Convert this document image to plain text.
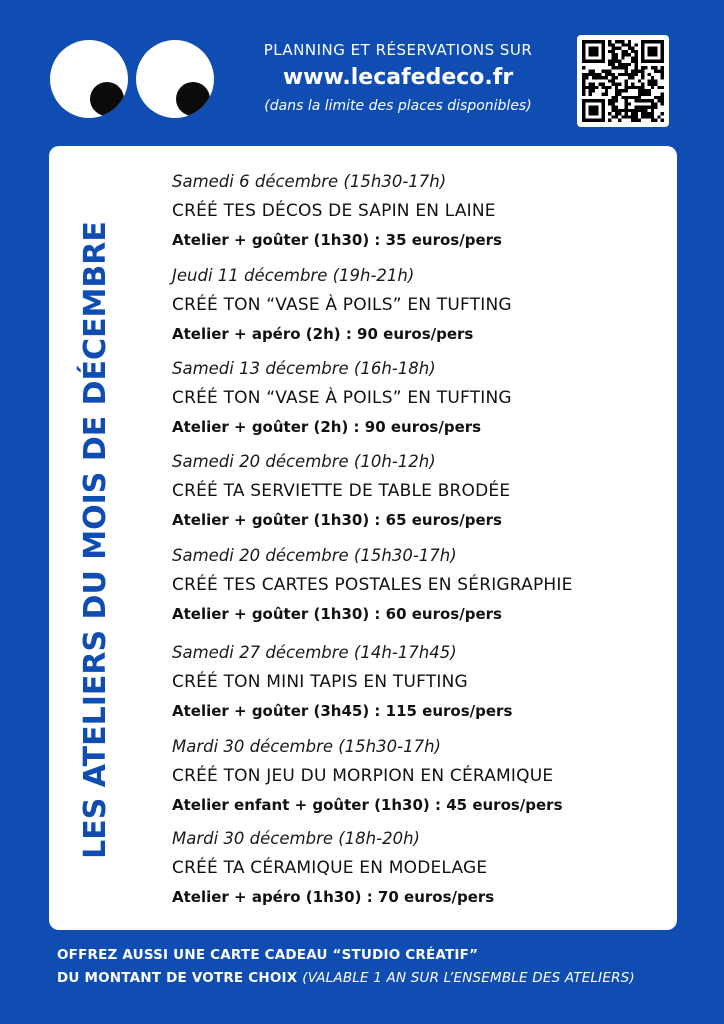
PLANNING ET RÉSERVATIONS SUR
www.lecafedeco.fr
(dans la limite des places disponibles)
LES ATELIERS DU MOIS DE DÉCEMBRE
Samedi 6 décembre (15h30-17h)
CRÉÉ TES DÉCOS DE SAPIN EN LAINE
Atelier + goûter (1h30) : 35 euros/pers
Jeudi 11 décembre (19h-21h)
CRÉÉ TON “VASE À POILS” EN TUFTING
Atelier + apéro (2h) : 90 euros/pers
Samedi 13 décembre (16h-18h)
CRÉÉ TON “VASE À POILS” EN TUFTING
Atelier + goûter (2h) : 90 euros/pers
Samedi 20 décembre (10h-12h)
CRÉÉ TA SERVIETTE DE TABLE BRODÉE
Atelier + goûter (1h30) : 65 euros/pers
Samedi 20 décembre (15h30-17h)
CRÉÉ TES CARTES POSTALES EN SÉRIGRAPHIE
Atelier + goûter (1h30) : 60 euros/pers
Samedi 27 décembre (14h-17h45)
CRÉÉ TON MINI TAPIS EN TUFTING
Atelier + goûter (3h45) : 115 euros/pers
Mardi 30 décembre (15h30-17h)
CRÉÉ TON JEU DU MORPION EN CÉRAMIQUE
Atelier enfant + goûter (1h30) : 45 euros/pers
Mardi 30 décembre (18h-20h)
CRÉÉ TA CÉRAMIQUE EN MODELAGE
Atelier + apéro (1h30) : 70 euros/pers
OFFREZ AUSSI UNE CARTE CADEAU “STUDIO CRÉATIF”
DU MONTANT DE VOTRE CHOIX (VALABLE 1 AN SUR L’ENSEMBLE DES ATELIERS)
